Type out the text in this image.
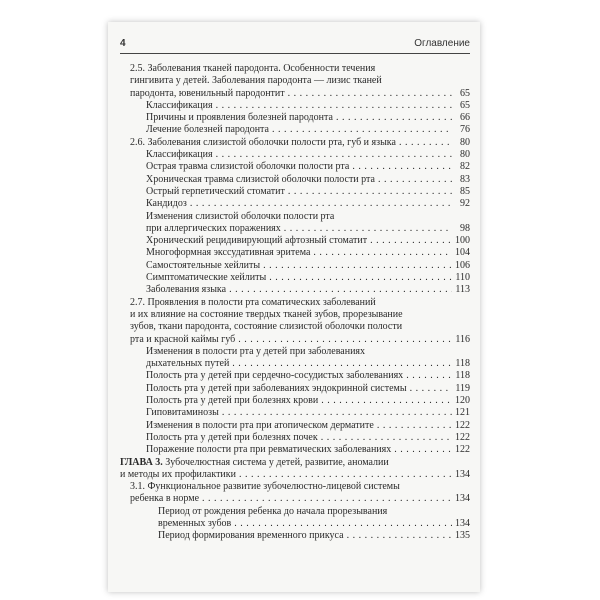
4	Оглавление
2.5. Заболевания тканей пародонта. Особенности течения
гингивита у детей. Заболевания пародонта — лизис тканей
пародонта, ювенильный пародонтит . . .	65
Классификация . . .	65
Причины и проявления болезней пародонта . . .	66
Лечение болезней пародонта . . .	76
2.6. Заболевания слизистой оболочки полости рта, губ и языка . . .	80
Классификация . . .	80
Острая травма слизистой оболочки полости рта . . .	82
Хроническая травма слизистой оболочки полости рта . . .	83
Острый герпетический стоматит . . .	85
Кандидоз . . .	92
Изменения слизистой оболочки полости рта
при аллергических поражениях . . .	98
Хронический рецидивирующий афтозный стоматит . . .	100
Многоформная экссудативная эритема . . .	104
Самостоятельные хейлиты . . .	106
Симптоматические хейлиты . . .	110
Заболевания языка . . .	113
2.7. Проявления в полости рта соматических заболеваний
и их влияние на состояние твердых тканей зубов, прорезывание
зубов, ткани пародонта, состояние слизистой оболочки полости
рта и красной каймы губ . . .	116
Изменения в полости рта у детей при заболеваниях
дыхательных путей . . .	118
Полость рта у детей при сердечно-сосудистых заболеваниях . . .	118
Полость рта у детей при заболеваниях эндокринной системы . . .	119
Полость рта у детей при болезнях крови . . .	120
Гиповитаминозы . . .	121
Изменения в полости рта при атопическом дерматите . . .	122
Полость рта у детей при болезнях почек . . .	122
Поражение полости рта при ревматических заболеваниях . . .	122
ГЛАВА 3. Зубочелюстная система у детей, развитие, аномалии
и методы их профилактики . . .	134
3.1. Функциональное развитие зубочелюстно-лицевой системы
ребенка в норме . . .	134
Период от рождения ребенка до начала прорезывания
временных зубов . . .	134
Период формирования временного прикуса . . .	135
